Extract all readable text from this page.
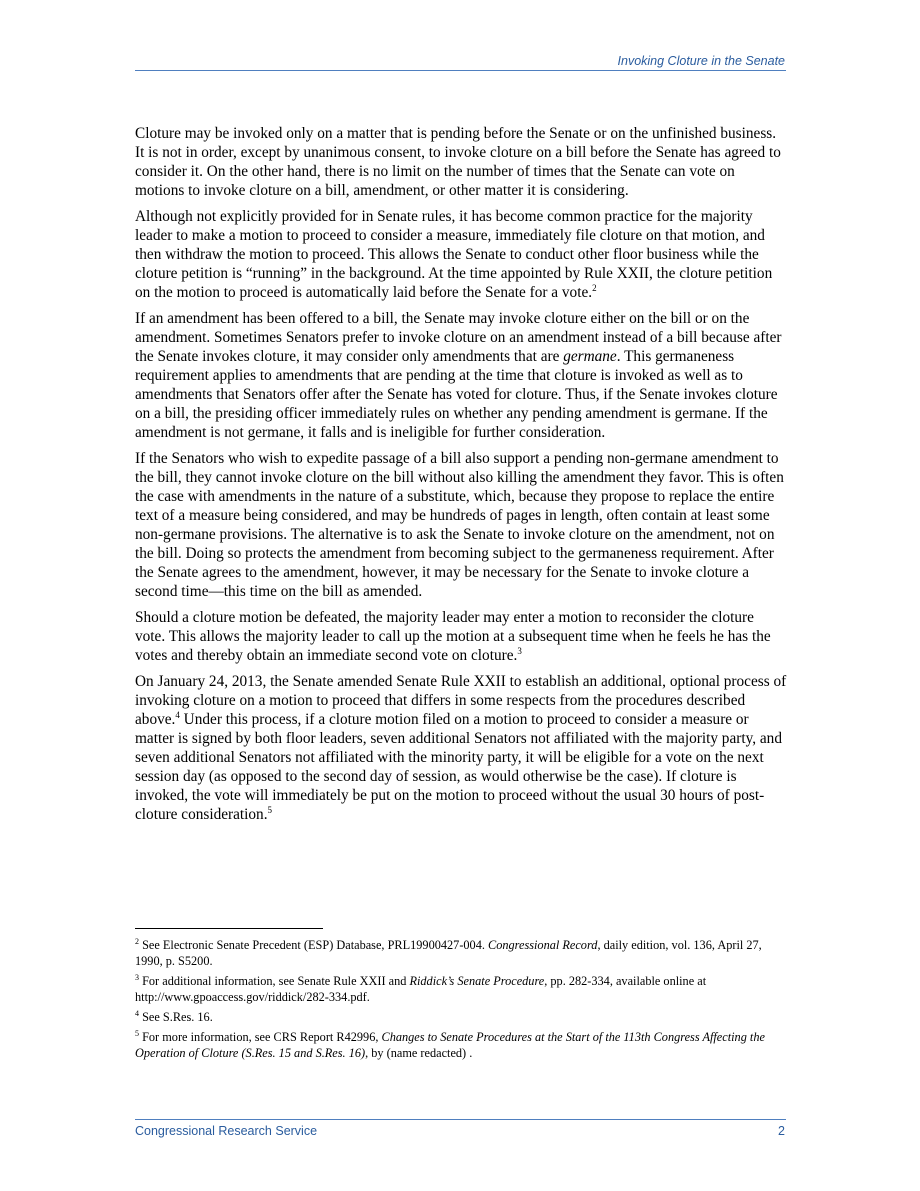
Invoking Cloture in the Senate

Cloture may be invoked only on a matter that is pending before the Senate or on the unfinished business. It is not in order, except by unanimous consent, to invoke cloture on a bill before the Senate has agreed to consider it. On the other hand, there is no limit on the number of times that the Senate can vote on motions to invoke cloture on a bill, amendment, or other matter it is considering.

Although not explicitly provided for in Senate rules, it has become common practice for the majority leader to make a motion to proceed to consider a measure, immediately file cloture on that motion, and then withdraw the motion to proceed. This allows the Senate to conduct other floor business while the cloture petition is “running” in the background. At the time appointed by Rule XXII, the cloture petition on the motion to proceed is automatically laid before the Senate for a vote.$^2$

If an amendment has been offered to a bill, the Senate may invoke cloture either on the bill or on the amendment. Sometimes Senators prefer to invoke cloture on an amendment instead of a bill because after the Senate invokes cloture, it may consider only amendments that are germane. This germaneness requirement applies to amendments that are pending at the time that cloture is invoked as well as to amendments that Senators offer after the Senate has voted for cloture. Thus, if the Senate invokes cloture on a bill, the presiding officer immediately rules on whether any pending amendment is germane. If the amendment is not germane, it falls and is ineligible for further consideration.

If the Senators who wish to expedite passage of a bill also support a pending non-germane amendment to the bill, they cannot invoke cloture on the bill without also killing the amendment they favor. This is often the case with amendments in the nature of a substitute, which, because they propose to replace the entire text of a measure being considered, and may be hundreds of pages in length, often contain at least some non-germane provisions. The alternative is to ask the Senate to invoke cloture on the amendment, not on the bill. Doing so protects the amendment from becoming subject to the germaneness requirement. After the Senate agrees to the amendment, however, it may be necessary for the Senate to invoke cloture a second time—this time on the bill as amended.

Should a cloture motion be defeated, the majority leader may enter a motion to reconsider the cloture vote. This allows the majority leader to call up the motion at a subsequent time when he feels he has the votes and thereby obtain an immediate second vote on cloture.$^3$

On January 24, 2013, the Senate amended Senate Rule XXII to establish an additional, optional process of invoking cloture on a motion to proceed that differs in some respects from the procedures described above.$^4$ Under this process, if a cloture motion filed on a motion to proceed to consider a measure or matter is signed by both floor leaders, seven additional Senators not affiliated with the majority party, and seven additional Senators not affiliated with the minority party, it will be eligible for a vote on the next session day (as opposed to the second day of session, as would otherwise be the case). If cloture is invoked, the vote will immediately be put on the motion to proceed without the usual 30 hours of post-cloture consideration.$^5$

$^2$ See Electronic Senate Precedent (ESP) Database, PRL19900427-004. Congressional Record, daily edition, vol. 136, April 27, 1990, p. S5200.

$^3$ For additional information, see Senate Rule XXII and Riddick’s Senate Procedure, pp. 282-334, available online at http://www.gpoaccess.gov/riddick/282-334.pdf.

$^4$ See S.Res. 16.

$^5$ For more information, see CRS Report R42996, Changes to Senate Procedures at the Start of the 113th Congress Affecting the Operation of Cloture (S.Res. 15 and S.Res. 16), by (name redacted) .

Congressional Research Service	2
